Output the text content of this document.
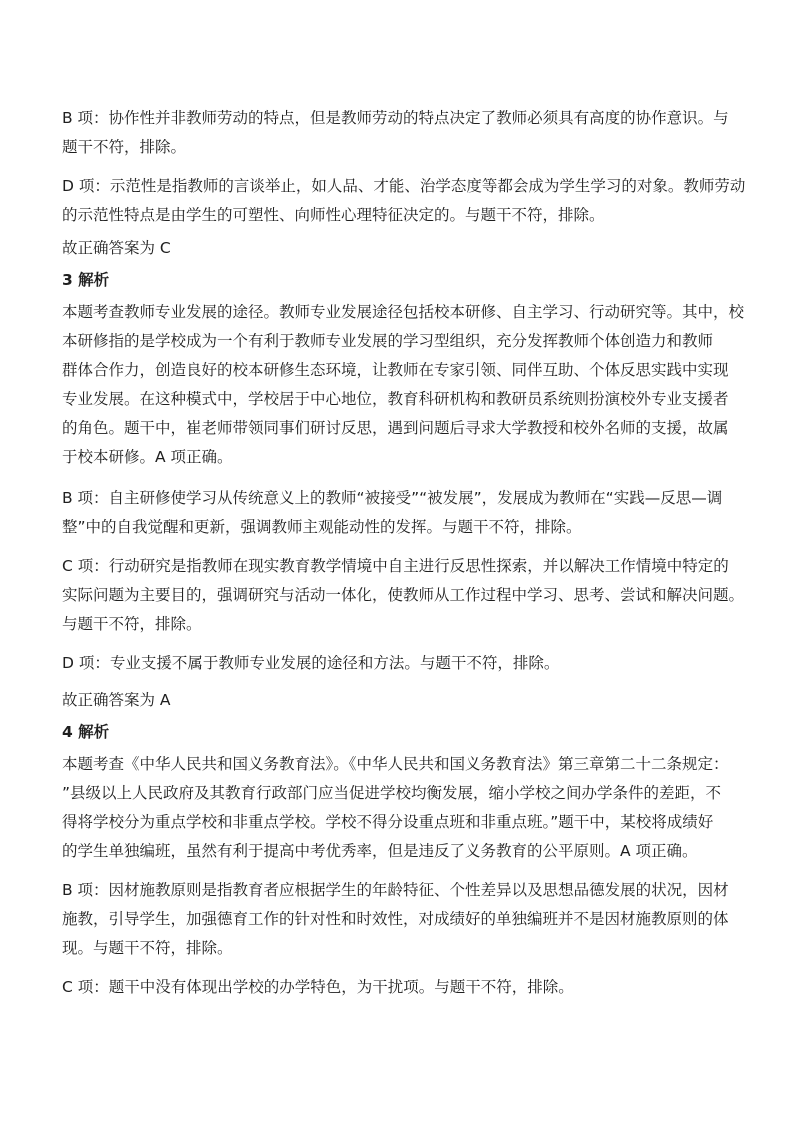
B 项：协作性并非教师劳动的特点，但是教师劳动的特点决定了教师必须具有高度的协作意识。与
题干不符，排除。
D 项：示范性是指教师的言谈举止，如人品、才能、治学态度等都会成为学生学习的对象。教师劳动
的示范性特点是由学生的可塑性、向师性心理特征决定的。与题干不符，排除。
故正确答案为 C
3 解析
本题考查教师专业发展的途径。教师专业发展途径包括校本研修、自主学习、行动研究等。其中，校
本研修指的是学校成为一个有利于教师专业发展的学习型组织，充分发挥教师个体创造力和教师
群体合作力，创造良好的校本研修生态环境，让教师在专家引领、同伴互助、个体反思实践中实现
专业发展。在这种模式中，学校居于中心地位，教育科研机构和教研员系统则扮演校外专业支援者
的角色。题干中，崔老师带领同事们研讨反思，遇到问题后寻求大学教授和校外名师的支援，故属
于校本研修。A 项正确。
B 项：自主研修使学习从传统意义上的教师“被接受”“被发展”，发展成为教师在“实践—反思—调
整”中的自我觉醒和更新，强调教师主观能动性的发挥。与题干不符，排除。
C 项：行动研究是指教师在现实教育教学情境中自主进行反思性探索，并以解决工作情境中特定的
实际问题为主要目的，强调研究与活动一体化，使教师从工作过程中学习、思考、尝试和解决问题。
与题干不符，排除。
D 项：专业支援不属于教师专业发展的途径和方法。与题干不符，排除。
故正确答案为 A
4 解析
本题考查《中华人民共和国义务教育法》。《中华人民共和国义务教育法》第三章第二十二条规定：
”县级以上人民政府及其教育行政部门应当促进学校均衡发展，缩小学校之间办学条件的差距，不
得将学校分为重点学校和非重点学校。学校不得分设重点班和非重点班。”题干中，某校将成绩好
的学生单独编班，虽然有利于提高中考优秀率，但是违反了义务教育的公平原则。A 项正确。
B 项：因材施教原则是指教育者应根据学生的年龄特征、个性差异以及思想品德发展的状况，因材
施教，引导学生，加强德育工作的针对性和时效性，对成绩好的单独编班并不是因材施教原则的体
现。与题干不符，排除。
C 项：题干中没有体现出学校的办学特色，为干扰项。与题干不符，排除。
